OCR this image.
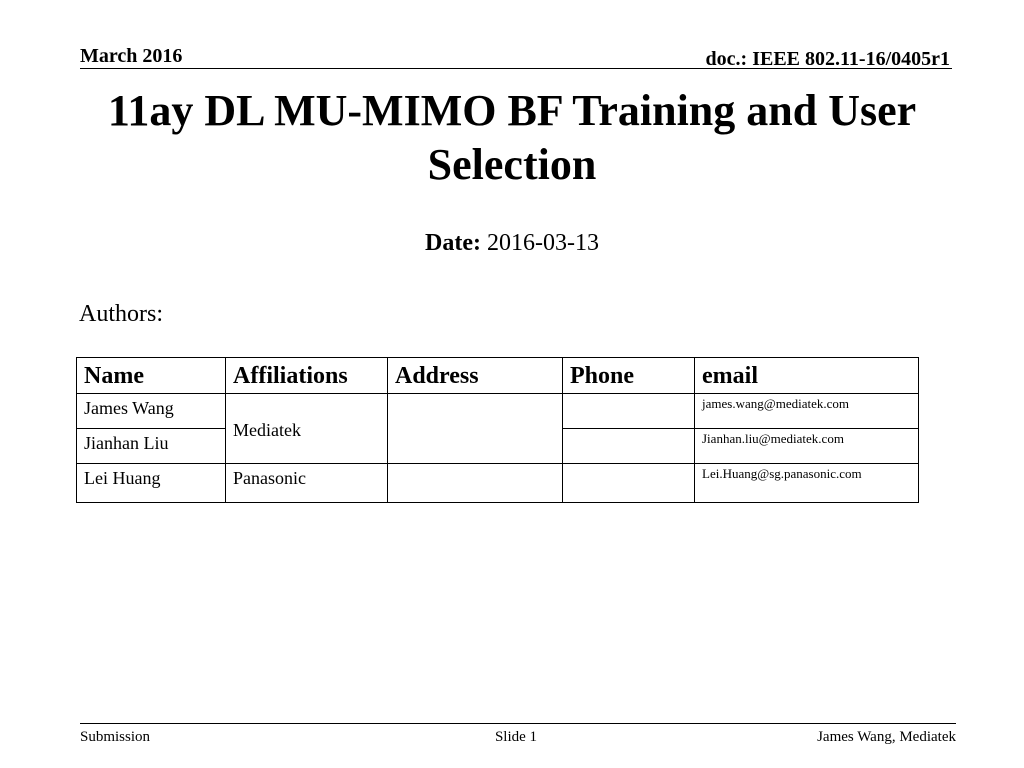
March 2016	doc.: IEEE 802.11-16/0405r1
11ay DL MU-MIMO BF Training and User Selection
Date: 2016-03-13
Authors:
Name	Affiliations	Address	Phone	email
James Wang	Mediatek			james.wang@mediatek.com
Jianhan Liu				Jianhan.liu@mediatek.com
Lei Huang	Panasonic			Lei.Huang@sg.panasonic.com
Submission	Slide 1	James Wang, Mediatek
